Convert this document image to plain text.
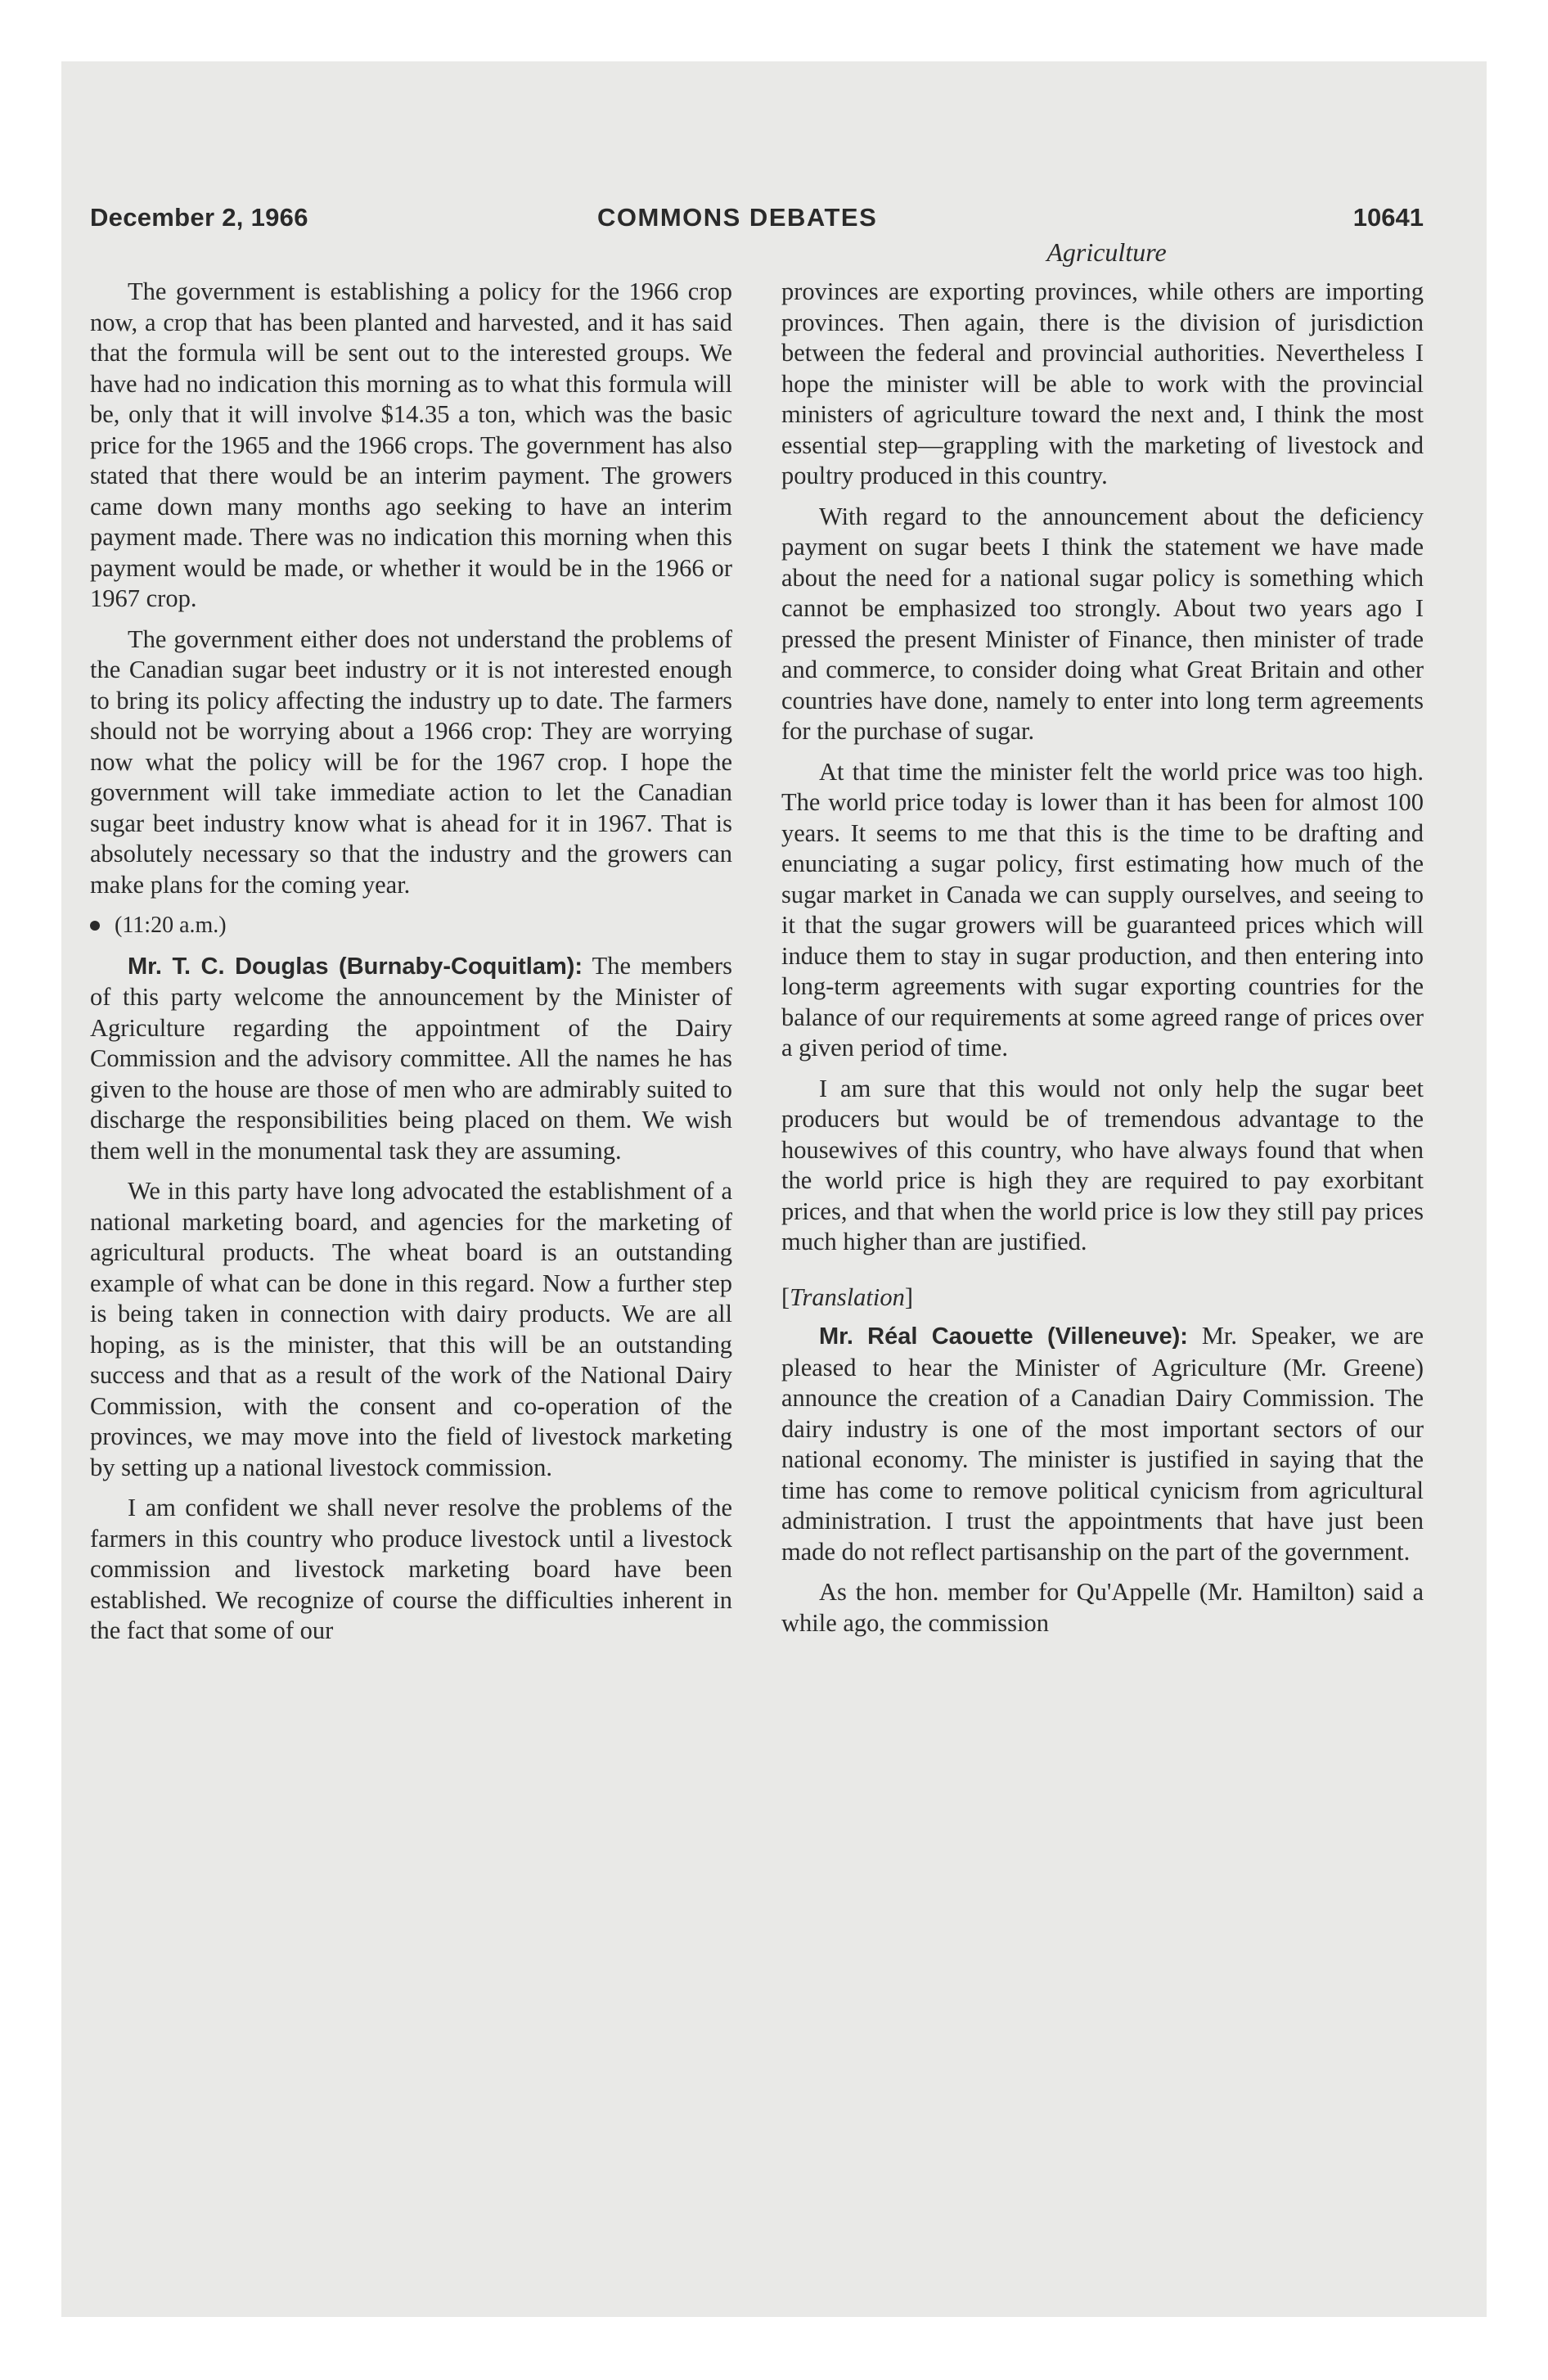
December 2, 1966	COMMONS DEBATES	10641
Agriculture

The government is establishing a policy for the 1966 crop now, a crop that has been planted and harvested, and it has said that the formula will be sent out to the interested groups. We have had no indication this morning as to what this formula will be, only that it will involve $14.35 a ton, which was the basic price for the 1965 and the 1966 crops. The government has also stated that there would be an interim payment. The growers came down many months ago seeking to have an interim payment made. There was no indication this morning when this payment would be made, or whether it would be in the 1966 or 1967 crop.

The government either does not understand the problems of the Canadian sugar beet industry or it is not interested enough to bring its policy affecting the industry up to date. The farmers should not be worrying about a 1966 crop: They are worrying now what the policy will be for the 1967 crop. I hope the government will take immediate action to let the Canadian sugar beet industry know what is ahead for it in 1967. That is absolutely necessary so that the industry and the growers can make plans for the coming year.

(11:20 a.m.)

Mr. T. C. Douglas (Burnaby-Coquitlam): The members of this party welcome the announcement by the Minister of Agriculture regarding the appointment of the Dairy Commission and the advisory committee. All the names he has given to the house are those of men who are admirably suited to discharge the responsibilities being placed on them. We wish them well in the monumental task they are assuming.

We in this party have long advocated the establishment of a national marketing board, and agencies for the marketing of agricultural products. The wheat board is an outstanding example of what can be done in this regard. Now a further step is being taken in connection with dairy products. We are all hoping, as is the minister, that this will be an outstanding success and that as a result of the work of the National Dairy Commission, with the consent and co-operation of the provinces, we may move into the field of livestock marketing by setting up a national livestock commission.

I am confident we shall never resolve the problems of the farmers in this country who produce livestock until a livestock commission and livestock marketing board have been established. We recognize of course the difficulties inherent in the fact that some of our

provinces are exporting provinces, while others are importing provinces. Then again, there is the division of jurisdiction between the federal and provincial authorities. Nevertheless I hope the minister will be able to work with the provincial ministers of agriculture toward the next and, I think the most essential step—grappling with the marketing of livestock and poultry produced in this country.

With regard to the announcement about the deficiency payment on sugar beets I think the statement we have made about the need for a national sugar policy is something which cannot be emphasized too strongly. About two years ago I pressed the present Minister of Finance, then minister of trade and commerce, to consider doing what Great Britain and other countries have done, namely to enter into long term agreements for the purchase of sugar.

At that time the minister felt the world price was too high. The world price today is lower than it has been for almost 100 years. It seems to me that this is the time to be drafting and enunciating a sugar policy, first estimating how much of the sugar market in Canada we can supply ourselves, and seeing to it that the sugar growers will be guaranteed prices which will induce them to stay in sugar production, and then entering into long-term agreements with sugar exporting countries for the balance of our requirements at some agreed range of prices over a given period of time.

I am sure that this would not only help the sugar beet producers but would be of tremendous advantage to the housewives of this country, who have always found that when the world price is high they are required to pay exorbitant prices, and that when the world price is low they still pay prices much higher than are justified.

[Translation]

Mr. Réal Caouette (Villeneuve): Mr. Speaker, we are pleased to hear the Minister of Agriculture (Mr. Greene) announce the creation of a Canadian Dairy Commission. The dairy industry is one of the most important sectors of our national economy. The minister is justified in saying that the time has come to remove political cynicism from agricultural administration. I trust the appointments that have just been made do not reflect partisanship on the part of the government.

As the hon. member for Qu'Appelle (Mr. Hamilton) said a while ago, the commission
